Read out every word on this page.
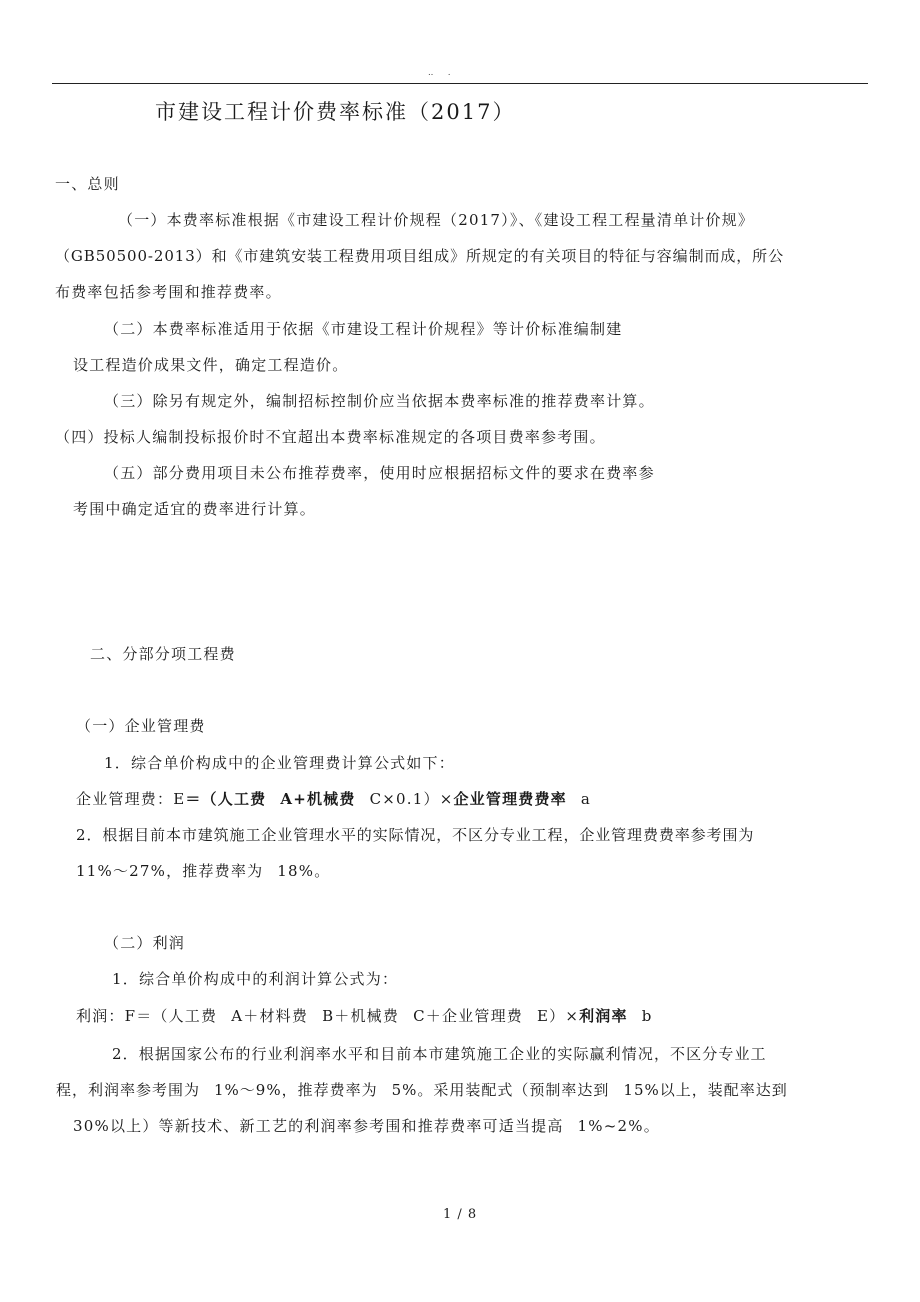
‥ .
市建设工程计价费率标准（2017）
一、总则
（一）本费率标准根据《市建设工程计价规程（2017）》、《建设工程工程量清单计价规》
（GB50500-2013）和《市建筑安装工程费用项目组成》所规定的有关项目的特征与容编制而成，所公
布费率包括参考围和推荐费率。
（二）本费率标准适用于依据《市建设工程计价规程》等计价标准编制建
设工程造价成果文件，确定工程造价。
（三）除另有规定外，编制招标控制价应当依据本费率标准的推荐费率计算。
（四）投标人编制投标报价时不宜超出本费率标准规定的各项目费率参考围。
（五）部分费用项目未公布推荐费率，使用时应根据招标文件的要求在费率参
考围中确定适宜的费率进行计算。
二、分部分项工程费
（一）企业管理费
1．综合单价构成中的企业管理费计算公式如下：
企业管理费：E＝（人工费 A+机械费 C×0.1）×企业管理费费率 a
2．根据目前本市建筑施工企业管理水平的实际情况，不区分专业工程，企业管理费费率参考围为
11%～27%，推荐费率为 18%。
（二）利润
1．综合单价构成中的利润计算公式为：
利润：F＝（人工费 A＋材料费 B＋机械费 C＋企业管理费 E）×利润率 b
2．根据国家公布的行业利润率水平和目前本市建筑施工企业的实际赢利情况，不区分专业工
程，利润率参考围为 1%～9%，推荐费率为 5%。采用装配式（预制率达到 15%以上，装配率达到
30%以上）等新技术、新工艺的利润率参考围和推荐费率可适当提高 1%~2%。
1 / 8
